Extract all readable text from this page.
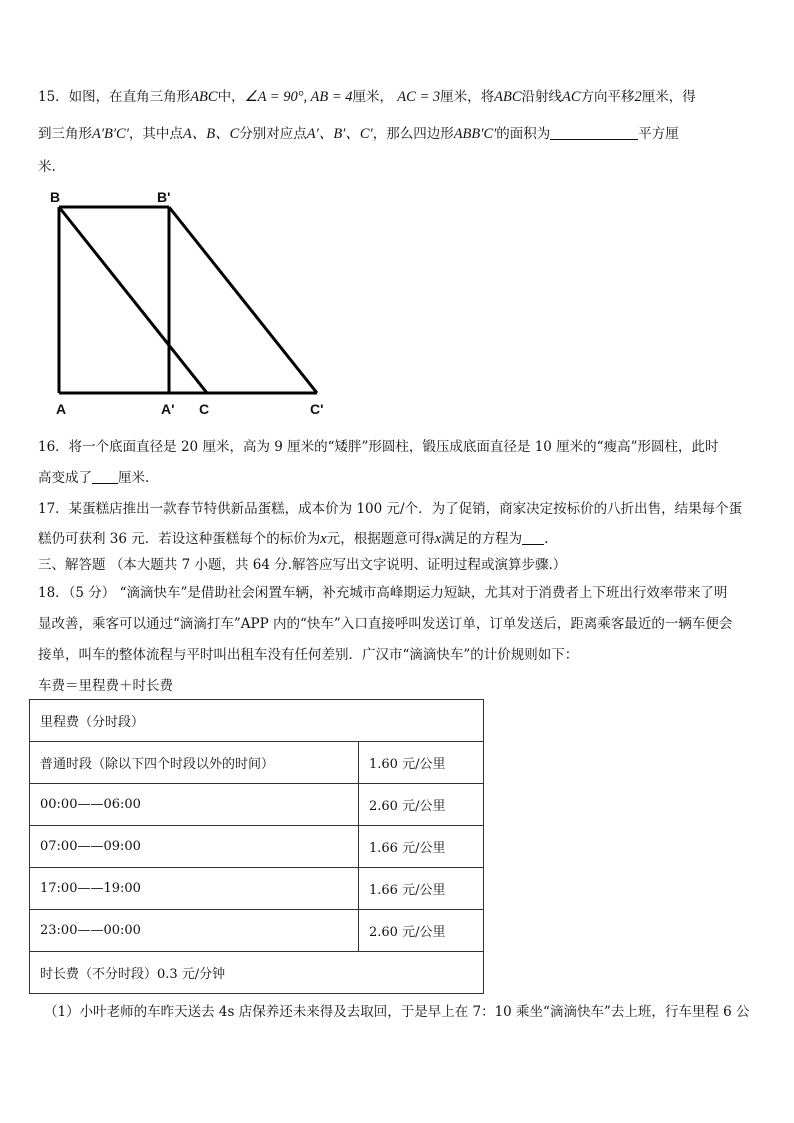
15．如图，在直角三角形ABC中，∠A = 90°, AB = 4厘米， AC = 3厘米，将ABC沿射线AC方向平移2厘米，得
到三角形A′B′C′，其中点A、B、C分别对应点A′、B′、C′，那么四边形ABB′C′的面积为	平方厘
米.
B	B'
A	A' C	C'
16．将一个底面直径是 20 厘米，高为 9 厘米的“矮胖”形圆柱，锻压成底面直径是 10 厘米的“瘦高”形圆柱，此时
高变成了 厘米.
17．某蛋糕店推出一款春节特供新品蛋糕，成本价为 100 元/个．为了促销，商家决定按标价的八折出售，结果每个蛋
糕仍可获利 36 元．若设这种蛋糕每个的标价为x元，根据题意可得x满足的方程为 .
三、解答题 （本大题共 7 小题，共 64 分.解答应写出文字说明、证明过程或演算步骤.）
18．（5 分） “滴滴快车”是借助社会闲置车辆，补充城市高峰期运力短缺，尤其对于消费者上下班出行效率带来了明
显改善，乘客可以通过“滴滴打车”APP 内的“快车”入口直接呼叫发送订单，订单发送后，距离乘客最近的一辆车便会
接单，叫车的整体流程与平时叫出租车没有任何差别．广汉市“滴滴快车”的计价规则如下：
车费＝里程费＋时长费
里程费（分时段）	
普通时段（除以下四个时段以外的时间）	1.60 元/公里
00:00——06:00	2.60 元/公里
07:00——09:00	1.66 元/公里
17:00——19:00	1.66 元/公里
23:00——00:00	2.60 元/公里
时长费（不分时段）0.3 元/分钟	
（1）小叶老师的车昨天送去 4s 店保养还未来得及去取回，于是早上在 7：10 乘坐“滴滴快车”去上班，行车里程 6 公
